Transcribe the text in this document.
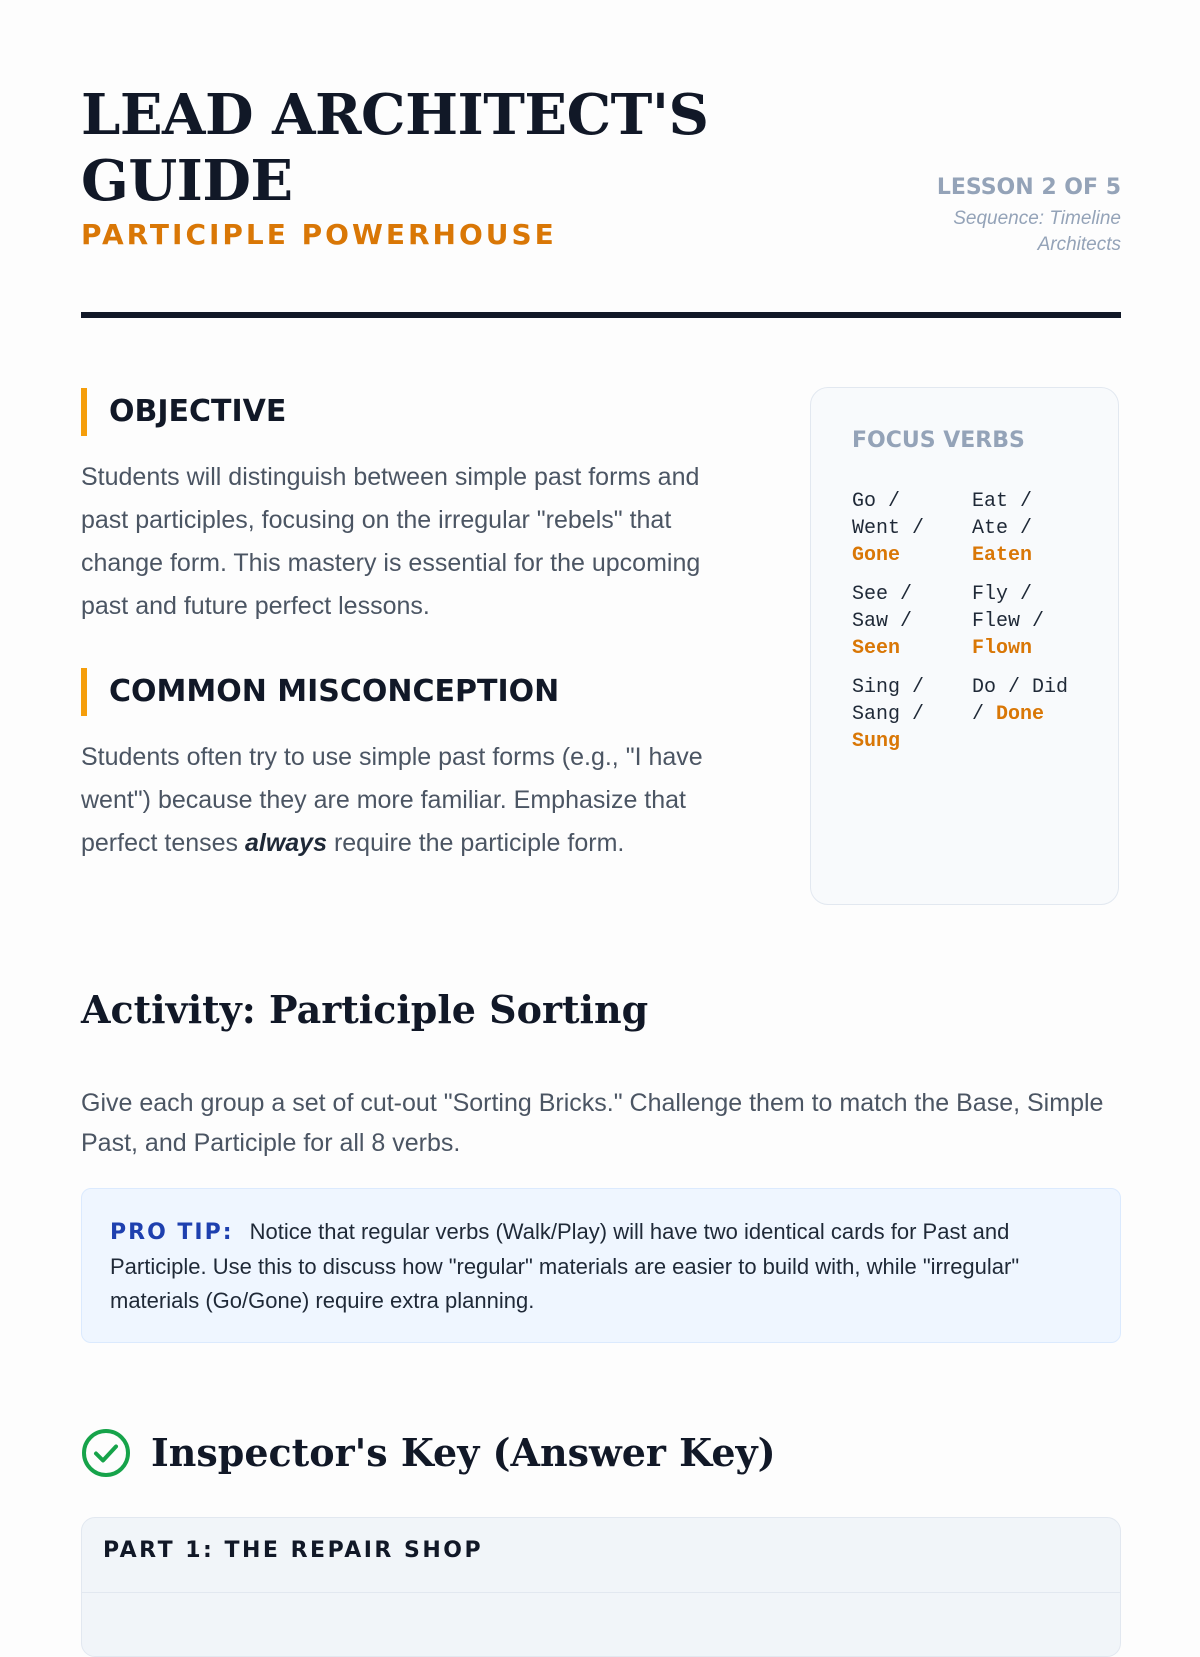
LEAD ARCHITECT'S GUIDE
PARTICIPLE POWERHOUSE
LESSON 2 OF 5
Sequence: Timeline Architects
OBJECTIVE

Students will distinguish between simple past forms and past participles, focusing on the irregular "rebels" that change form. This mastery is essential for the upcoming past and future perfect lessons.

COMMON MISCONCEPTION

Students often try to use simple past forms (e.g., "I have went") because they are more familiar. Emphasize that perfect tenses always require the participle form.

FOCUS VERBS
Go / Went / Gone
Eat / Ate / Eaten
See / Saw / Seen
Fly / Flew / Flown
Sing / Sang / Sung
Do / Did / Done
Activity: Participle Sorting

Give each group a set of cut-out "Sorting Bricks." Challenge them to match the Base, Simple Past, and Participle for all 8 verbs.

PRO TIP: Notice that regular verbs (Walk/Play) will have two identical cards for Past and Participle. Use this to discuss how "regular" materials are easier to build with, while "irregular" materials (Go/Gone) require extra planning.
Inspector's Key (Answer Key)
PART 1: THE REPAIR SHOP
